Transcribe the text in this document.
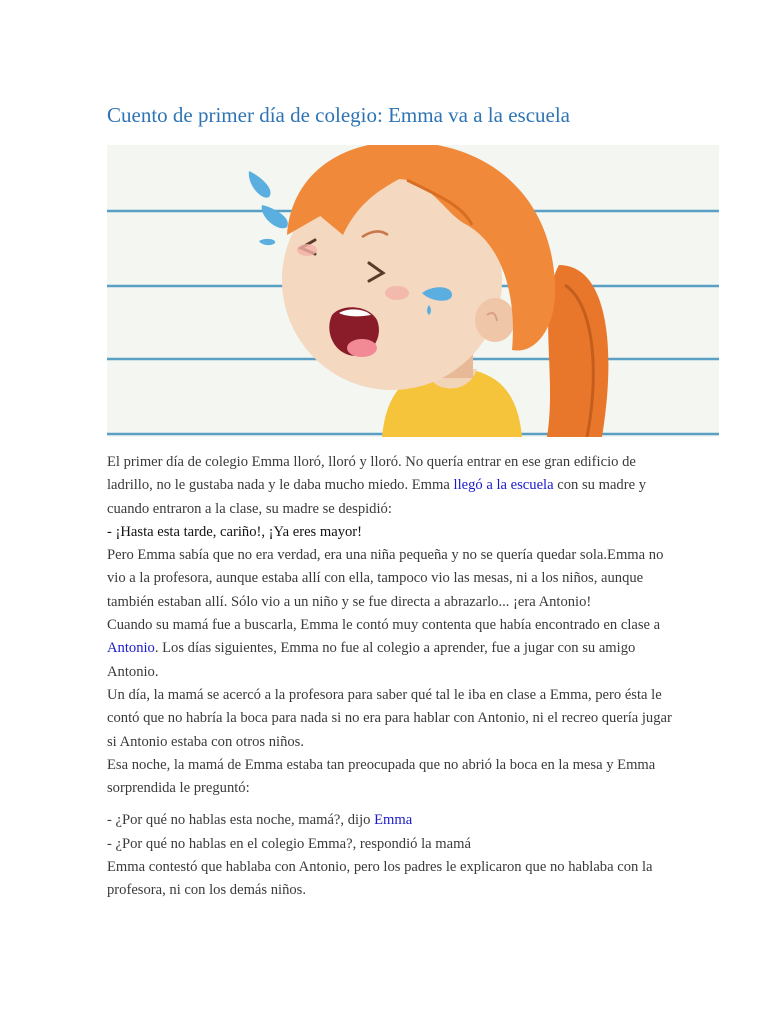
Cuento de primer día de colegio: Emma va a la escuela

El primer día de colegio Emma lloró, lloró y lloró. No quería entrar en ese gran edificio de ladrillo, no le gustaba nada y le daba mucho miedo. Emma llegó a la escuela con su madre y cuando entraron a la clase, su madre se despidió:

- ¡Hasta esta tarde, cariño!, ¡Ya eres mayor!

Pero Emma sabía que no era verdad, era una niña pequeña y no se quería quedar sola.Emma no vio a la profesora, aunque estaba allí con ella, tampoco vio las mesas, ni a los niños, aunque también estaban allí. Sólo vio a un niño y se fue directa a abrazarlo... ¡era Antonio!

Cuando su mamá fue a buscarla, Emma le contó muy contenta que había encontrado en clase a Antonio. Los días siguientes, Emma no fue al colegio a aprender, fue a jugar con su amigo Antonio.

Un día, la mamá se acercó a la profesora para saber qué tal le iba en clase a Emma, pero ésta le contó que no habría la boca para nada si no era para hablar con Antonio, ni el recreo quería jugar si Antonio estaba con otros niños.

Esa noche, la mamá de Emma estaba tan preocupada que no abrió la boca en la mesa y Emma sorprendida le preguntó:

- ¿Por qué no hablas esta noche, mamá?, dijo Emma

- ¿Por qué no hablas en el colegio Emma?, respondió la mamá

Emma contestó que hablaba con Antonio, pero los padres le explicaron que no hablaba con la profesora, ni con los demás niños.
